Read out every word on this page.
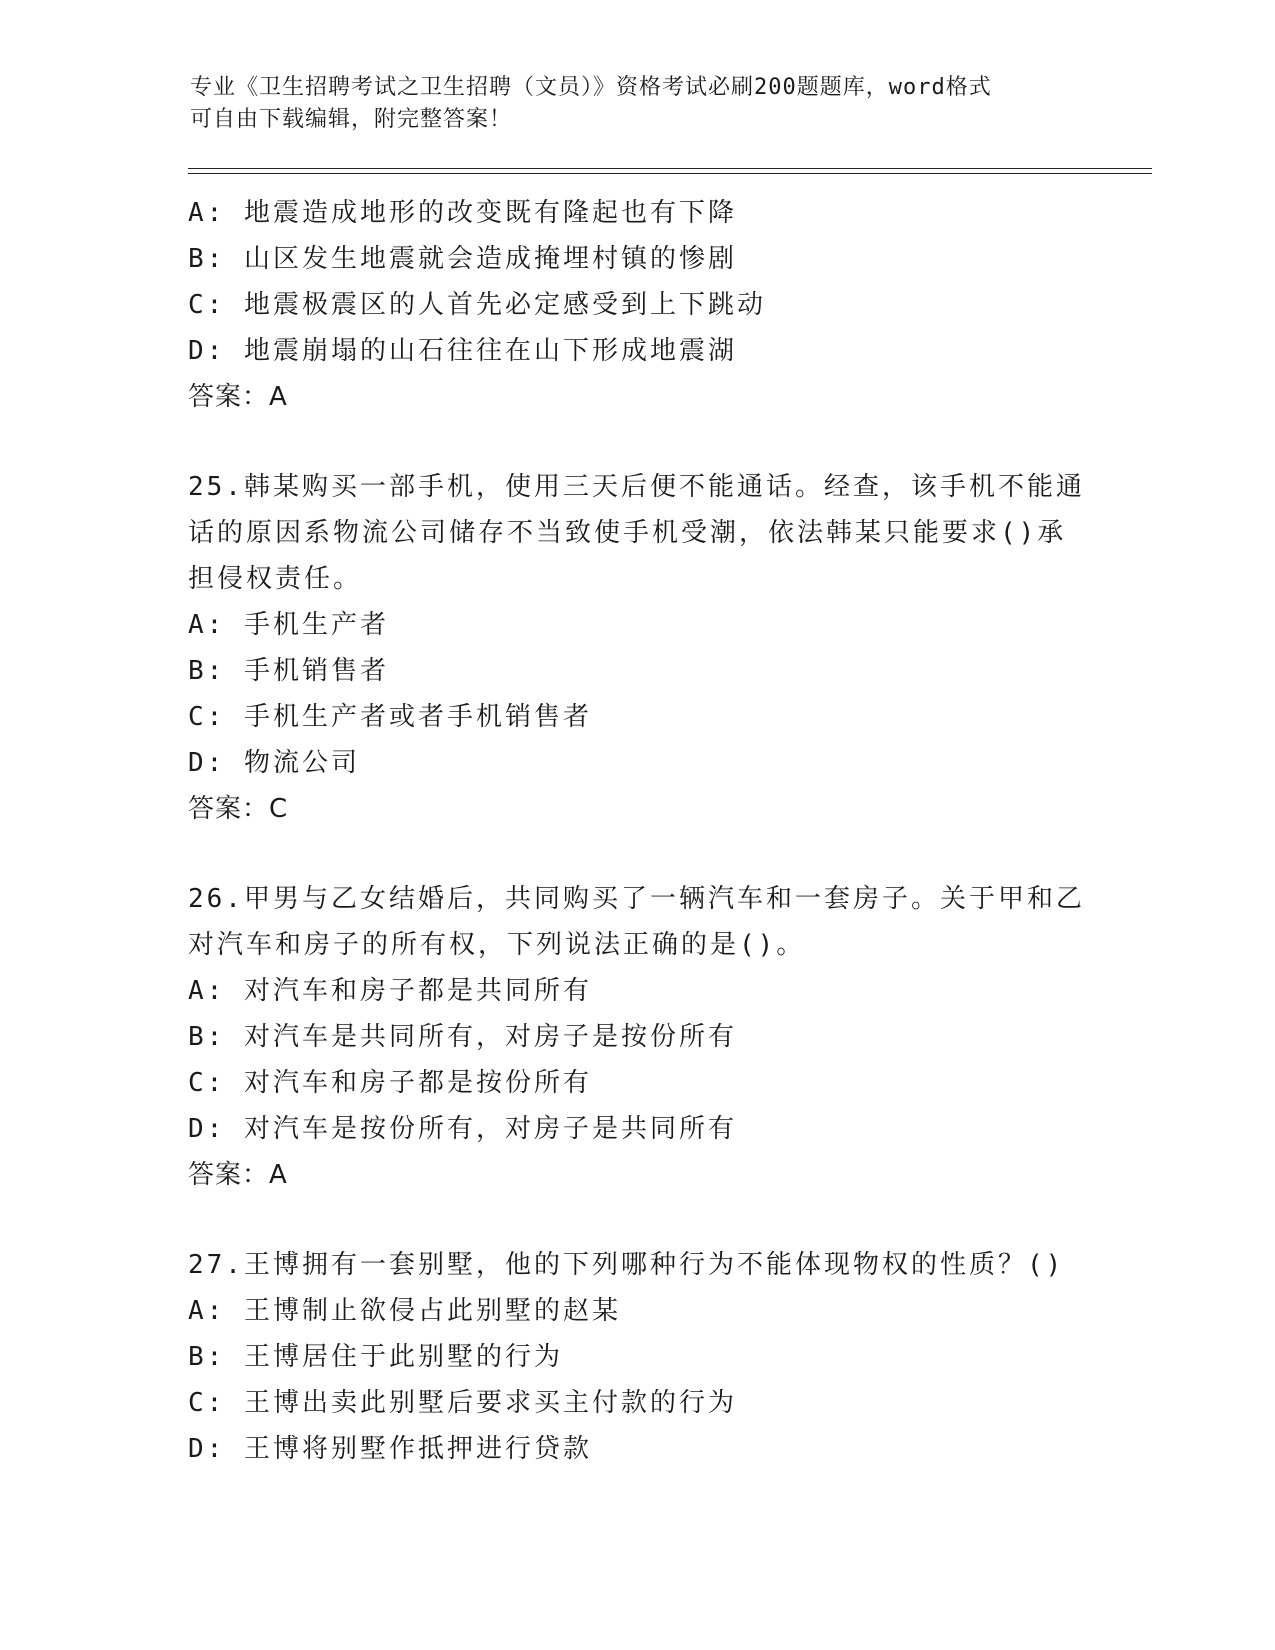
专业《卫生招聘考试之卫生招聘（文员）》资格考试必刷200题题库，word格式
可自由下载编辑，附完整答案！
A: 地震造成地形的改变既有隆起也有下降
B: 山区发生地震就会造成掩埋村镇的惨剧
C: 地震极震区的人首先必定感受到上下跳动
D: 地震崩塌的山石往往在山下形成地震湖
答案：A
25.韩某购买一部手机，使用三天后便不能通话。经查，该手机不能通
话的原因系物流公司储存不当致使手机受潮，依法韩某只能要求()承
担侵权责任。
A: 手机生产者
B: 手机销售者
C: 手机生产者或者手机销售者
D: 物流公司
答案：C
26.甲男与乙女结婚后，共同购买了一辆汽车和一套房子。关于甲和乙
对汽车和房子的所有权，下列说法正确的是()。
A: 对汽车和房子都是共同所有
B: 对汽车是共同所有，对房子是按份所有
C: 对汽车和房子都是按份所有
D: 对汽车是按份所有，对房子是共同所有
答案：A
27.王博拥有一套别墅，他的下列哪种行为不能体现物权的性质？()
A: 王博制止欲侵占此别墅的赵某
B: 王博居住于此别墅的行为
C: 王博出卖此别墅后要求买主付款的行为
D: 王博将别墅作抵押进行贷款
